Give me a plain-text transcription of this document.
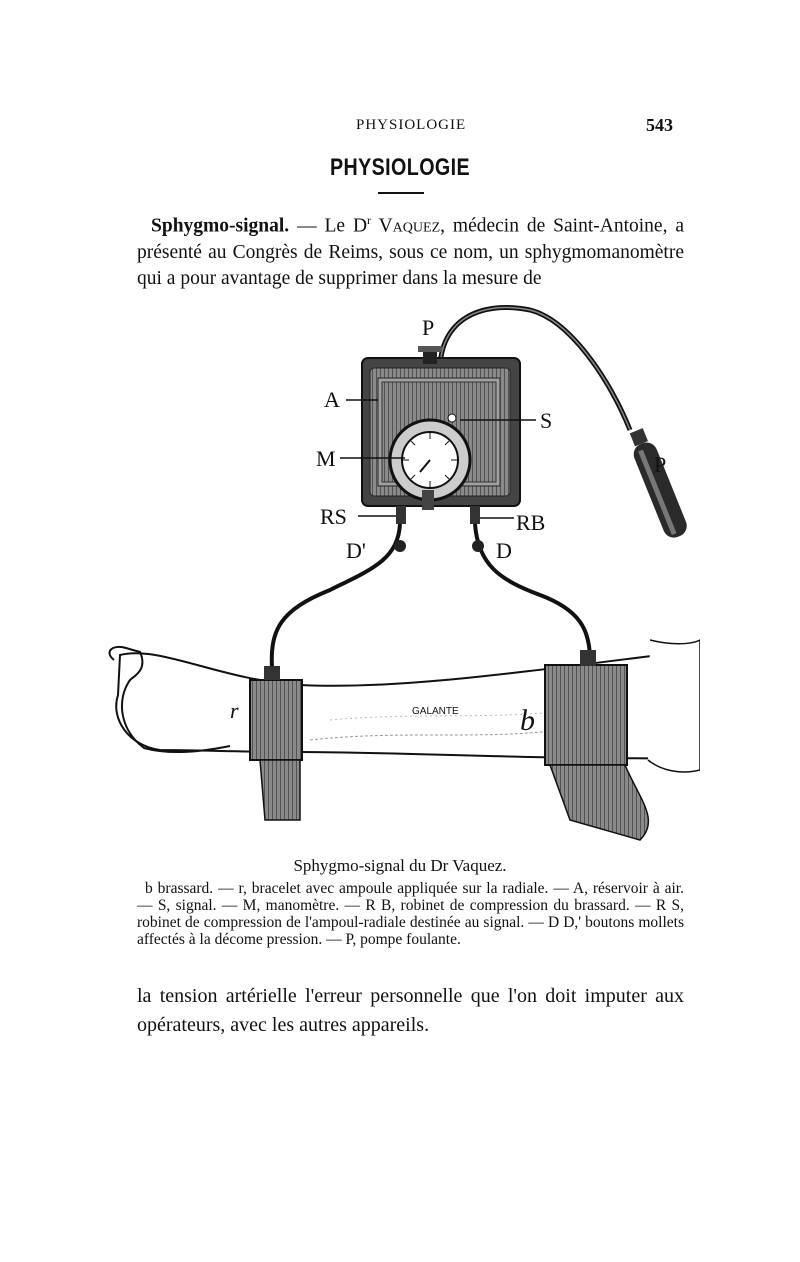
PHYSIOLOGIE	543
PHYSIOLOGIE

Sphygmo-signal. — Le $D^r$ Vaquez, médecin de Saint-Antoine, a présenté au Congrès de Reims, sous ce nom, un sphygmomanomètre qui a pour avantage de supprimer dans la mesure de

P
A
S
M	P
RS	RB
D'	D
r	b
GALANTE
Sphygmo-signal du Dr Vaquez.
b brassard. — r, bracelet avec ampoule appliquée sur la radiale. — A, réservoir à air. — S, signal. — M, manomètre. — R B, robinet de compression du brassard. — R S, robinet de compression de l'ampoul-radiale destinée au signal. — D D,' boutons mollets affectés à la décome pression. — P, pompe foulante.

la tension artérielle l'erreur personnelle que l'on doit imputer aux opérateurs, avec les autres appareils.
